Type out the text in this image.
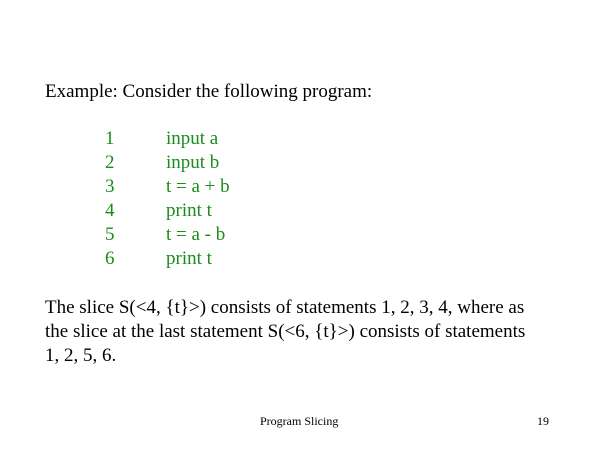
Example: Consider the following program:
1	input a
2	input b
3	t = a + b
4	print t
5	t = a - b
6	print t
The slice S(<4, {t}>) consists of statements 1, 2, 3, 4, where as
the slice at the last statement S(<6, {t}>) consists of statements
1, 2, 5, 6.
Program Slicing	19
